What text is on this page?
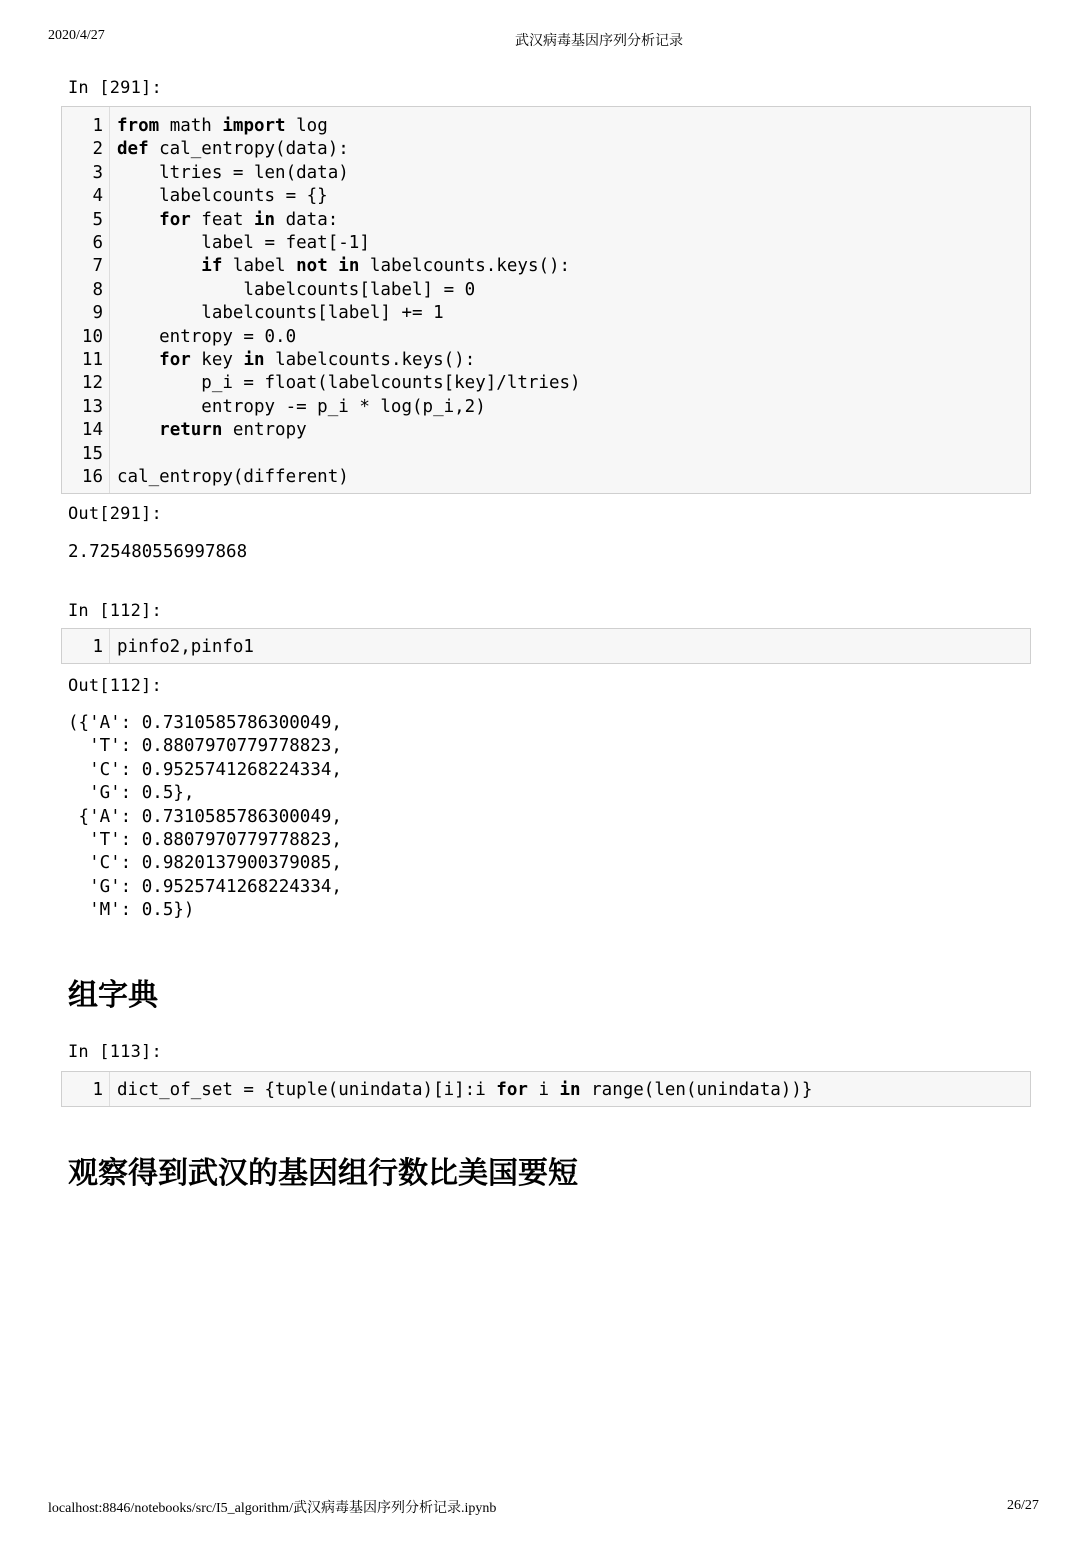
2020/4/27	武汉病毒基因序列分析记录
In [291]:
1
2
3
4
5
6
7
8
9
10
11
12
13
14
15
16
from math import log
def cal_entropy(data):
ltries = len(data)
labelcounts = {}
for feat in data:
label = feat[-1]
if label not in labelcounts.keys():
labelcounts[label] = 0
labelcounts[label] += 1
entropy = 0.0
for key in labelcounts.keys():
p_i = float(labelcounts[key]/ltries)
entropy -= p_i * log(p_i,2)
return entropy
cal_entropy(different)
Out[291]:
2.725480556997868
In [112]:
1 pinfo2,pinfo1
Out[112]:
({'A': 0.7310585786300049,
'T': 0.8807970779778823,
'C': 0.9525741268224334,
'G': 0.5},
{'A': 0.7310585786300049,
'T': 0.8807970779778823,
'C': 0.9820137900379085,
'G': 0.9525741268224334,
'M': 0.5})
组字典
In [113]:
1 dict_of_set = {tuple(unindata)[i]:i for i in range(len(unindata))}
观察得到武汉的基因组行数比美国要短
localhost:8846/notebooks/src/I5_algorithm/武汉病毒基因序列分析记录.ipynb	26/27
